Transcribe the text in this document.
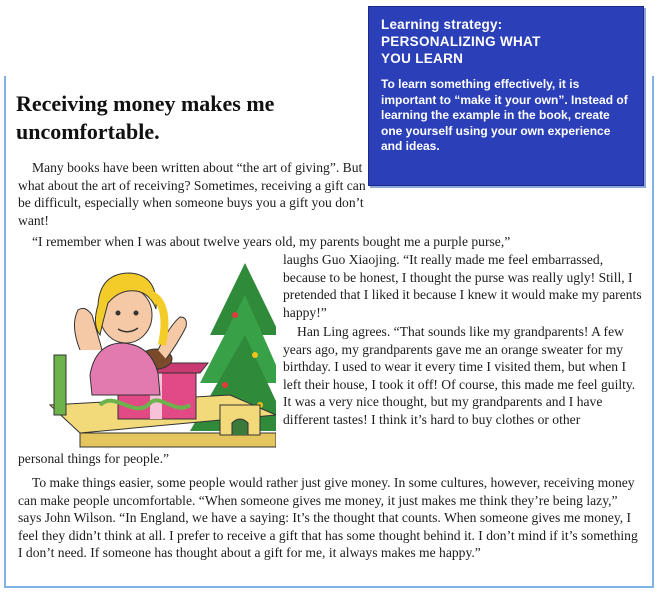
Learning strategy:
PERSONALIZING WHAT
YOU LEARN
To learn something effectively, it is important to “make it your own”. Instead of learning the example in the book, create one yourself using your own experience and ideas.
Receiving money makes me uncomfortable.

Many books have been written about “the art of giving”. But what about the art of receiving? Sometimes, receiving a gift can be difficult, especially when someone buys you a gift you don’t want!

“I remember when I was about twelve years old, my parents bought me a purple purse,”

laughs Guo Xiaojing. “It really made me feel embarrassed, because to be honest, I thought the purse was really ugly! Still, I pretended that I liked it because I knew it would make my parents happy!”

Han Ling agrees. “That sounds like my grandparents! A few years ago, my grandparents gave me an orange sweater for my birthday. I used to wear it every time I visited them, but when I left their house, I took it off! Of course, this made me feel guilty. It was a very nice thought, but my grandparents and I have different tastes! I think it’s hard to buy clothes or other

personal things for people.”

To make things easier, some people would rather just give money. In some cultures, however, receiving money can make people uncomfortable. “When someone gives me money, it just makes me think they’re being lazy,” says John Wilson. “In England, we have a saying: It’s the thought that counts. When someone gives me money, I feel they didn’t think at all. I prefer to receive a gift that has some thought behind it. I don’t mind if it’s something I don’t need. If someone has thought about a gift for me, it always makes me happy.”
